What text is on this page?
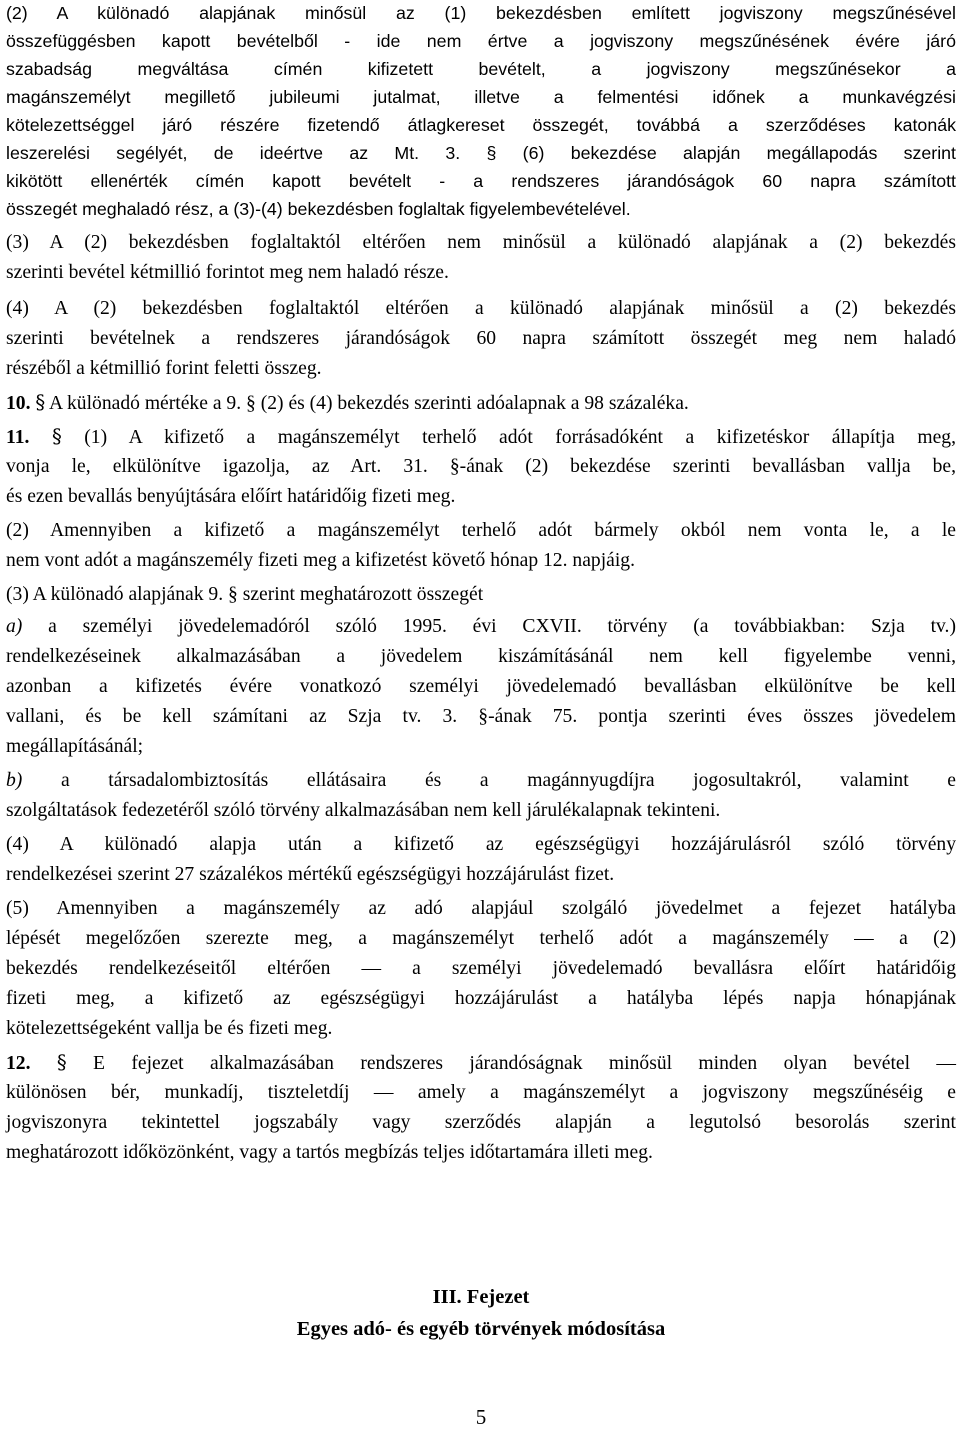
(2) A különadó alapjának minősül az (1) bekezdésben említett jogviszony megszűnésével
összefüggésben kapott bevételből - ide nem értve a jogviszony megszűnésének évére járó
szabadság megváltása címén kifizetett bevételt, a jogviszony megszűnésekor a
magánszemélyt megillető jubileumi jutalmat, illetve a felmentési időnek a munkavégzési
kötelezettséggel járó részére fizetendő átlagkereset összegét, továbbá a szerződéses katonák
leszerelési segélyét, de ideértve az Mt. 3. § (6) bekezdése alapján megállapodás szerint
kikötött ellenérték címén kapott bevételt - a rendszeres járandóságok 60 napra számított
összegét meghaladó rész, a (3)-(4) bekezdésben foglaltak figyelembevételével.
(3) A (2) bekezdésben foglaltaktól eltérően nem minősül a különadó alapjának a (2) bekezdés
szerinti bevétel kétmillió forintot meg nem haladó része.
(4) A (2) bekezdésben foglaltaktól eltérően a különadó alapjának minősül a (2) bekezdés
szerinti bevételnek a rendszeres járandóságok 60 napra számított összegét meg nem haladó
részéből a kétmillió forint feletti összeg.
10. § A különadó mértéke a 9. § (2) és (4) bekezdés szerinti adóalapnak a 98 százaléka.
11. § (1) A kifizető a magánszemélyt terhelő adót forrásadóként a kifizetéskor állapítja meg,
vonja le, elkülönítve igazolja, az Art. 31. §-ának (2) bekezdése szerinti bevallásban vallja be,
és ezen bevallás benyújtására előírt határidőig fizeti meg.
(2) Amennyiben a kifizető a magánszemélyt terhelő adót bármely okból nem vonta le, a le
nem vont adót a magánszemély fizeti meg a kifizetést követő hónap 12. napjáig.
(3) A különadó alapjának 9. § szerint meghatározott összegét
a) a személyi jövedelemadóról szóló 1995. évi CXVII. törvény (a továbbiakban: Szja tv.)
rendelkezéseinek alkalmazásában a jövedelem kiszámításánál nem kell figyelembe venni,
azonban a kifizetés évére vonatkozó személyi jövedelemadó bevallásban elkülönítve be kell
vallani, és be kell számítani az Szja tv. 3. §-ának 75. pontja szerinti éves összes jövedelem
megállapításánál;
b) a társadalombiztosítás ellátásaira és a magánnyugdíjra jogosultakról, valamint e
szolgáltatások fedezetéről szóló törvény alkalmazásában nem kell járulékalapnak tekinteni.
(4) A különadó alapja után a kifizető az egészségügyi hozzájárulásról szóló törvény
rendelkezései szerint 27 százalékos mértékű egészségügyi hozzájárulást fizet.
(5) Amennyiben a magánszemély az adó alapjául szolgáló jövedelmet a fejezet hatályba
lépését megelőzően szerezte meg, a magánszemélyt terhelő adót a magánszemély ― a (2)
bekezdés rendelkezéseitől eltérően ― a személyi jövedelemadó bevallásra előírt határidőig
fizeti meg, a kifizető az egészségügyi hozzájárulást a hatályba lépés napja hónapjának
kötelezettségeként vallja be és fizeti meg.
12. § E fejezet alkalmazásában rendszeres járandóságnak minősül minden olyan bevétel ―
különösen bér, munkadíj, tiszteletdíj ― amely a magánszemélyt a jogviszony megszűnéséig e
jogviszonyra tekintettel jogszabály vagy szerződés alapján a legutolsó besorolás szerint
meghatározott időközönként, vagy a tartós megbízás teljes időtartamára illeti meg.
III. Fejezet
Egyes adó- és egyéb törvények módosítása
5
